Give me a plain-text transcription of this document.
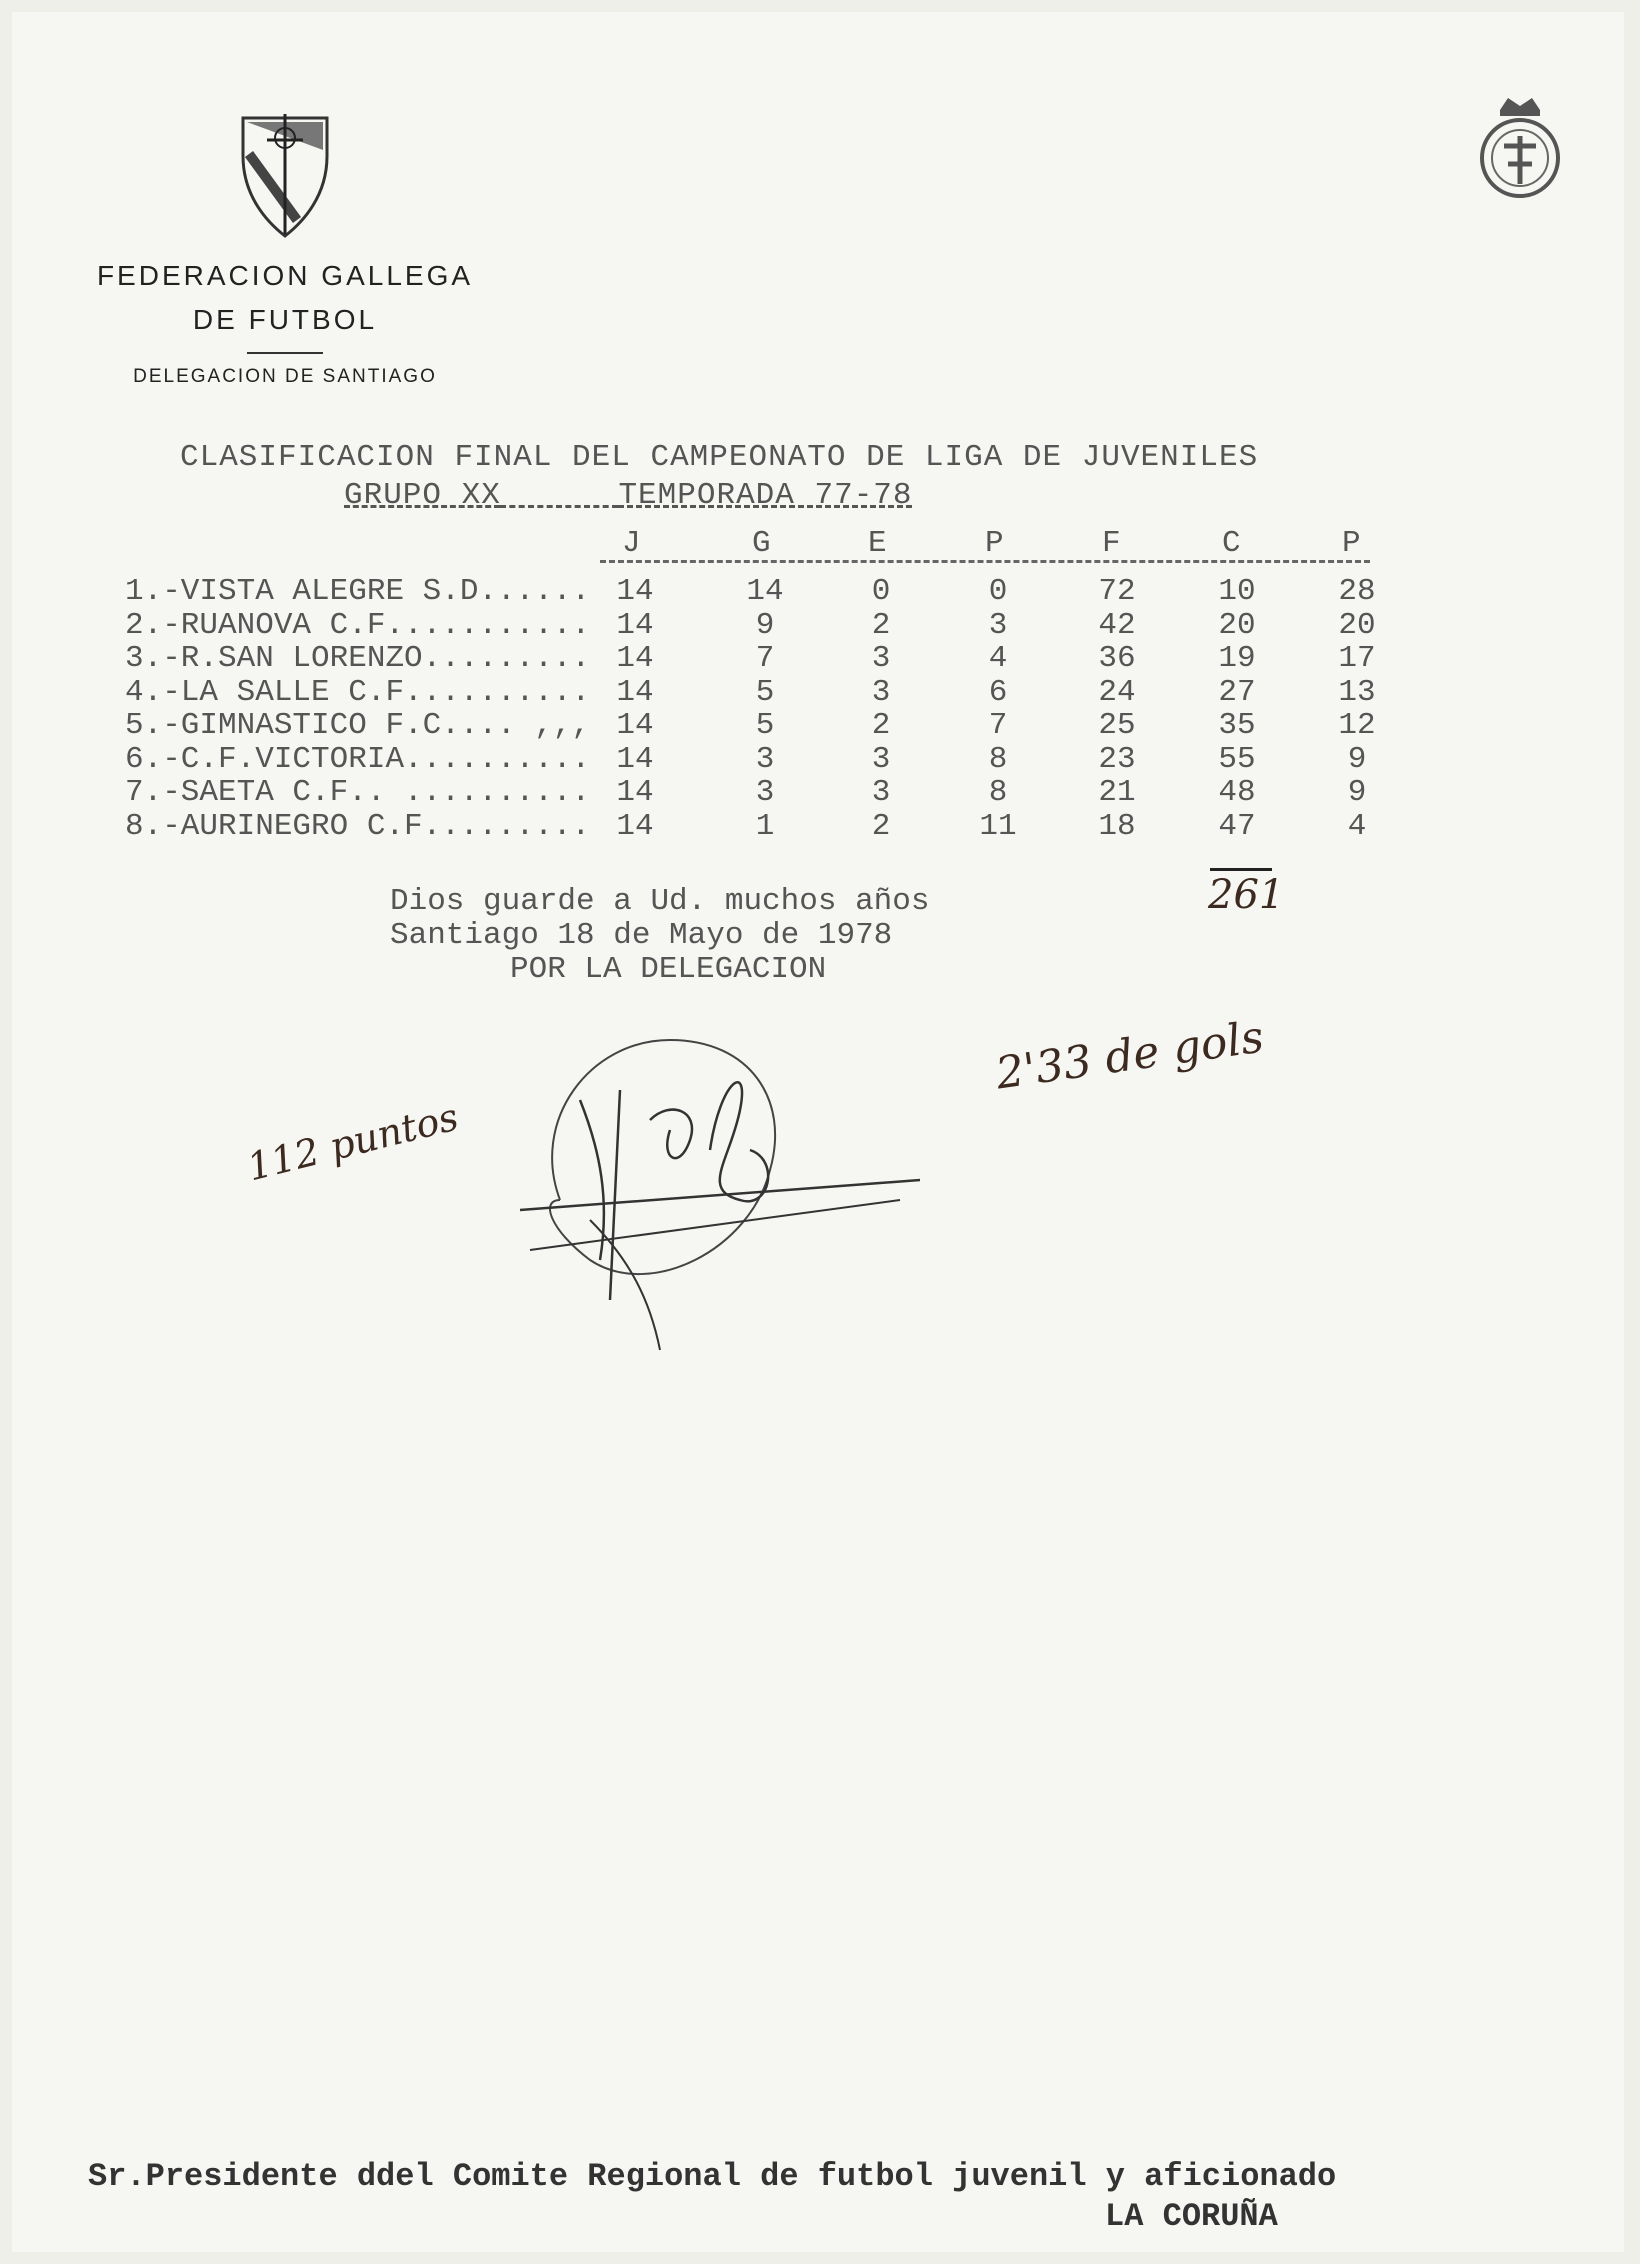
FEDERACION GALLEGA
DE FUTBOL
DELEGACION DE SANTIAGO
CLASIFICACION FINAL DEL CAMPEONATO DE LIGA DE JUVENILES
GRUPO XX	TEMPORADA 77-78
J	G	E	P	F	C	P
1.-VISTA ALEGRE S.D...... 14	14	0	0	72	10	28
2.-RUANOVA C.F........... 14	9	2	3	42	20	20
3.-R.SAN LORENZO......... 14	7	3	4	36	19	17
4.-LA SALLE C.F.......... 14	5	3	6	24	27	13
5.-GIMNASTICO F.C.... ,,, 14	5	2	7	25	35	12
6.-C.F.VICTORIA.......... 14	3	3	8	23	55	9
7.-SAETA C.F.. .......... 14	3	3	8	21	48	9
8.-AURINEGRO C.F......... 14	1	2	11	18	47	4
Dios guarde a Ud. muchos años
Santiago 18 de Mayo de 1978
POR LA DELEGACION
261
2'33 de gols
112 puntos
Sr.Presidente ddel Comite Regional de futbol juvenil y aficionado
LA CORUÑA
